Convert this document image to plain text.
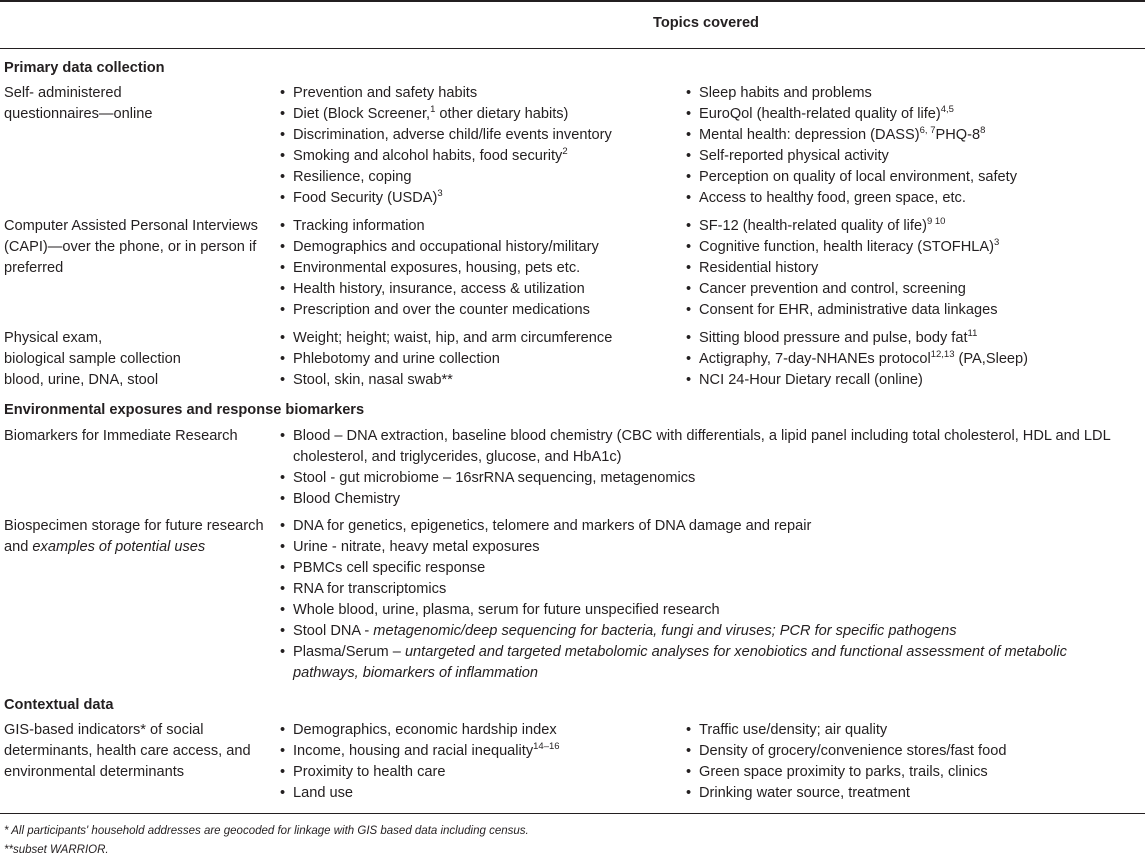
Topics covered
Primary data collection
Self- administered
questionnaires—online
• Prevention and safety habits
• Diet (Block Screener,$^1$ other dietary habits)
• Discrimination, adverse child/life events inventory
• Smoking and alcohol habits, food security$^2$
• Resilience, coping
• Food Security (USDA)$^3$
• Sleep habits and problems
• EuroQol (health-related quality of life)$^{4,5}$
• Mental health: depression $(DASS)^{6, 7}PHQ-8^8$
• Self-reported physical activity
• Perception on quality of local environment, safety
• Access to healthy food, green space, etc.
Computer Assisted Personal Interviews
(CAPI)—over the phone, or in person if
preferred
• Tracking information
• Demographics and occupational history/military
• Environmental exposures, housing, pets etc.
• Health history, insurance, access & utilization
• Prescription and over the counter medications
• SF-12 (health-related quality of life)$^{9 10}$
• Cognitive function, health literacy (STOFHLA)$^3$
• Residential history
• Cancer prevention and control, screening
• Consent for EHR, administrative data linkages
Physical exam,
biological sample collection
blood, urine, DNA, stool
• Weight; height; waist, hip, and arm circumference
• Phlebotomy and urine collection
• Stool, skin, nasal swab**
• Sitting blood pressure and pulse, body fat$^{11}$
• Actigraphy, 7-day-NHANEs protocol$^{12,13}$ (PA,Sleep)
• NCI 24-Hour Dietary recall (online)
Environmental exposures and response biomarkers
Biomarkers for Immediate Research
•	Blood – DNA extraction, baseline blood chemistry (CBC with differentials, a lipid panel including total cholesterol, HDL and LDL
cholesterol, and triglycerides, glucose, and HbA1c)
• Stool - gut microbiome – 16srRNA sequencing, metagenomics
• Blood Chemistry
Biospecimen storage for future research
and examples of potential uses
• DNA for genetics, epigenetics, telomere and markers of DNA damage and repair
• Urine - nitrate, heavy metal exposures
• PBMCs cell specific response
• RNA for transcriptomics
• Whole blood, urine, plasma, serum for future unspecified research
• Stool DNA - metagenomic/deep sequencing for bacteria, fungi and viruses; PCR for specific pathogens
• Plasma/Serum – untargeted and targeted metabolomic analyses for xenobiotics and functional assessment of metabolic
pathways, biomarkers of inflammation
Contextual data
GIS-based indicators* of social
determinants, health care access, and
environmental determinants
• Demographics, economic hardship index
• Income, housing and racial inequality$^{14-16}$
• Proximity to health care
• Land use
• Traffic use/density; air quality
• Density of grocery/convenience stores/fast food
• Green space proximity to parks, trails, clinics
• Drinking water source, treatment
* All participants' household addresses are geocoded for linkage with GIS based data including census.
**subset WARRIOR.
